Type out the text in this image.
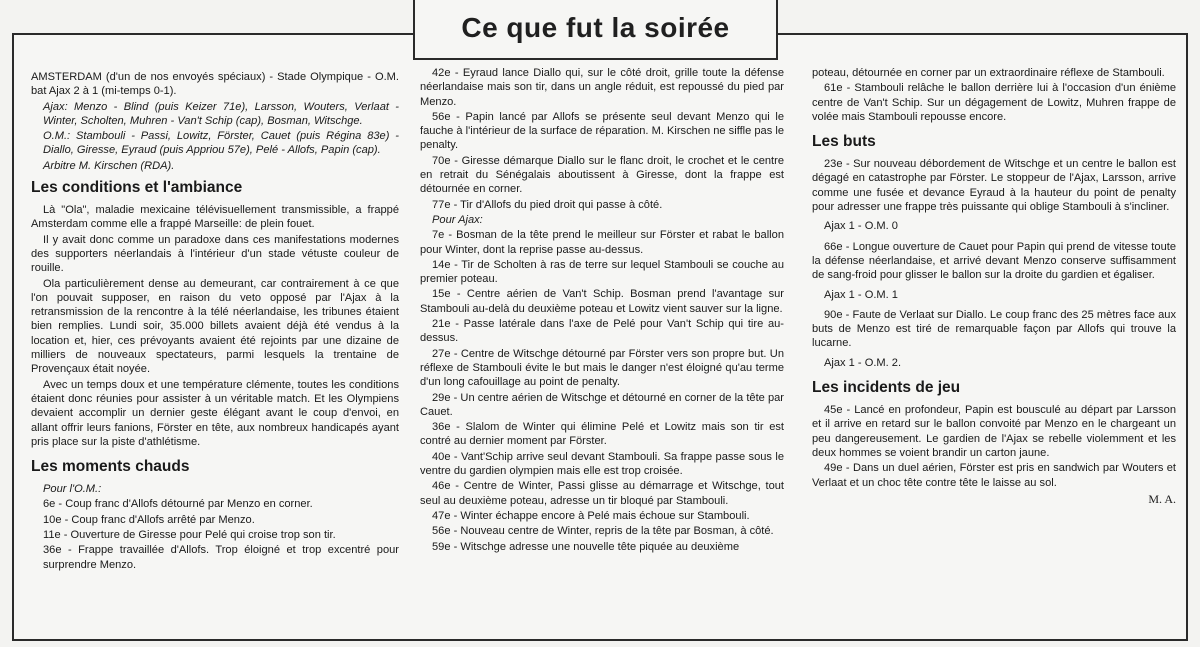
Ce que fut la soirée

AMSTERDAM (d'un de nos envoyés spéciaux) - Stade Olympique - O.M. bat Ajax 2 à 1 (mi-temps 0-1).

Ajax: Menzo - Blind (puis Keizer 71e), Larsson, Wouters, Verlaat - Winter, Scholten, Muhren - Van't Schip (cap), Bosman, Witschge.

O.M.: Stambouli - Passi, Lowitz, Förster, Cauet (puis Régina 83e) - Diallo, Giresse, Eyraud (puis Appriou 57e), Pelé - Allofs, Papin (cap).

Arbitre M. Kirschen (RDA).

Les conditions et l'ambiance

Là "Ola", maladie mexicaine télévisuellement transmissible, a frappé Amsterdam comme elle a frappé Marseille: de plein fouet.

Il y avait donc comme un paradoxe dans ces manifestations modernes des supporters néerlandais à l'intérieur d'un stade vétuste couleur de rouille.

Ola particulièrement dense au demeurant, car contrairement à ce que l'on pouvait supposer, en raison du veto opposé par l'Ajax à la retransmission de la rencontre à la télé néerlandaise, les tribunes étaient bien remplies. Lundi soir, 35.000 billets avaient déjà été vendus à la location et, hier, ces prévoyants avaient été rejoints par une dizaine de milliers de nouveaux spectateurs, parmi lesquels la trentaine de Provençaux était noyée.

Avec un temps doux et une température clémente, toutes les conditions étaient donc réunies pour assister à un véritable match. Et les Olympiens devaient accomplir un dernier geste élégant avant le coup d'envoi, en allant offrir leurs fanions, Förster en tête, aux nombreux handicapés ayant pris place sur la piste d'athlétisme.

Les moments chauds

Pour l'O.M.:

6e - Coup franc d'Allofs détourné par Menzo en corner.

10e - Coup franc d'Allofs arrêté par Menzo.

11e - Ouverture de Giresse pour Pelé qui croise trop son tir.

36e - Frappe travaillée d'Allofs. Trop éloigné et trop excentré pour surprendre Menzo.

42e - Eyraud lance Diallo qui, sur le côté droit, grille toute la défense néerlandaise mais son tir, dans un angle réduit, est repoussé du pied par Menzo.

56e - Papin lancé par Allofs se présente seul devant Menzo qui le fauche à l'intérieur de la surface de réparation. M. Kirschen ne siffle pas le penalty.

70e - Giresse démarque Diallo sur le flanc droit, le crochet et le centre en retrait du Sénégalais aboutissent à Giresse, dont la frappe est détournée en corner.

77e - Tir d'Allofs du pied droit qui passe à côté.

Pour Ajax:

7e - Bosman de la tête prend le meilleur sur Förster et rabat le ballon pour Winter, dont la reprise passe au-dessus.

14e - Tir de Scholten à ras de terre sur lequel Stambouli se couche au premier poteau.

15e - Centre aérien de Van't Schip. Bosman prend l'avantage sur Stambouli au-delà du deuxième poteau et Lowitz vient sauver sur la ligne.

21e - Passe latérale dans l'axe de Pelé pour Van't Schip qui tire au-dessus.

27e - Centre de Witschge détourné par Förster vers son propre but. Un réflexe de Stambouli évite le but mais le danger n'est éloigné qu'au terme d'un long cafouillage au point de penalty.

29e - Un centre aérien de Witschge et détourné en corner de la tête par Cauet.

36e - Slalom de Winter qui élimine Pelé et Lowitz mais son tir est contré au dernier moment par Förster.

40e - Vant'Schip arrive seul devant Stambouli. Sa frappe passe sous le ventre du gardien olympien mais elle est trop croisée.

46e - Centre de Winter, Passi glisse au démarrage et Witschge, tout seul au deuxième poteau, adresse un tir bloqué par Stambouli.

47e - Winter échappe encore à Pelé mais échoue sur Stambouli.

56e - Nouveau centre de Winter, repris de la tête par Bosman, à côté.

59e - Witschge adresse une nouvelle tête piquée au deuxième

poteau, détournée en corner par un extraordinaire réflexe de Stambouli.

61e - Stambouli relâche le ballon derrière lui à l'occasion d'un énième centre de Van't Schip. Sur un dégagement de Lowitz, Muhren frappe de volée mais Stambouli repousse encore.

Les buts

23e - Sur nouveau débordement de Witschge et un centre le ballon est dégagé en catastrophe par Förster. Le stoppeur de l'Ajax, Larsson, arrive comme une fusée et devance Eyraud à la hauteur du point de penalty pour adresser une frappe très puissante qui oblige Stambouli à s'incliner.

Ajax 1 - O.M. 0

66e - Longue ouverture de Cauet pour Papin qui prend de vitesse toute la défense néerlandaise, et arrivé devant Menzo conserve suffisamment de sang-froid pour glisser le ballon sur la droite du gardien et égaliser.

Ajax 1 - O.M. 1

90e - Faute de Verlaat sur Diallo. Le coup franc des 25 mètres face aux buts de Menzo est tiré de remarquable façon par Allofs qui trouve la lucarne.

Ajax 1 - O.M. 2.

Les incidents de jeu

45e - Lancé en profondeur, Papin est bousculé au départ par Larsson et il arrive en retard sur le ballon convoité par Menzo en le chargeant un peu dangereusement. Le gardien de l'Ajax se rebelle violemment et les deux hommes se voient brandir un carton jaune.

49e - Dans un duel aérien, Förster est pris en sandwich par Wouters et Verlaat et un choc tête contre tête le laisse au sol.

M. A.
